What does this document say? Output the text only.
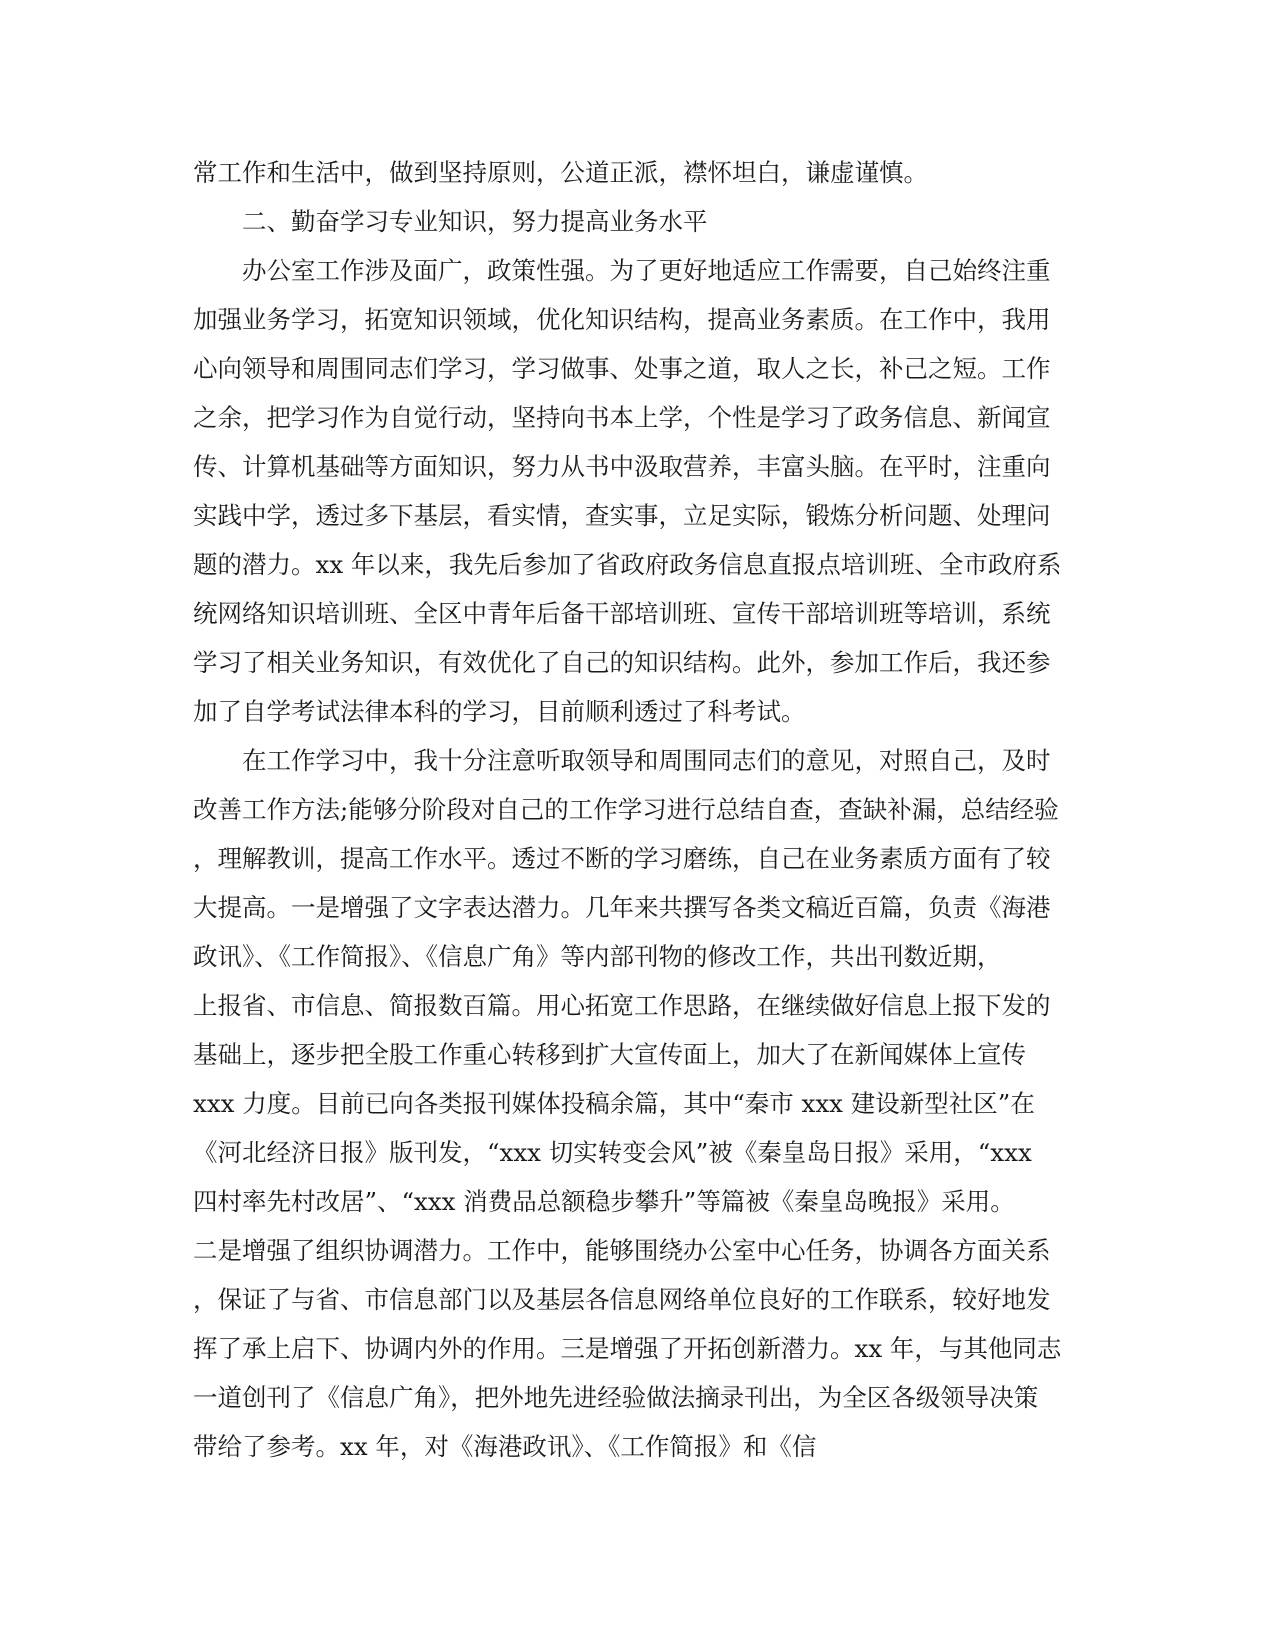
常工作和生活中，做到坚持原则，公道正派，襟怀坦白，谦虚谨慎。
　　二、勤奋学习专业知识，努力提高业务水平
　　办公室工作涉及面广，政策性强。为了更好地适应工作需要，自己始终注重
加强业务学习，拓宽知识领域，优化知识结构，提高业务素质。在工作中，我用
心向领导和周围同志们学习，学习做事、处事之道，取人之长，补己之短。工作
之余，把学习作为自觉行动，坚持向书本上学，个性是学习了政务信息、新闻宣
传、计算机基础等方面知识，努力从书中汲取营养，丰富头脑。在平时，注重向
实践中学，透过多下基层，看实情，查实事，立足实际，锻炼分析问题、处理问
题的潜力。xx 年以来，我先后参加了省政府政务信息直报点培训班、全市政府系
统网络知识培训班、全区中青年后备干部培训班、宣传干部培训班等培训，系统
学习了相关业务知识，有效优化了自己的知识结构。此外，参加工作后，我还参
加了自学考试法律本科的学习，目前顺利透过了科考试。
　　在工作学习中，我十分注意听取领导和周围同志们的意见，对照自己，及时
改善工作方法;能够分阶段对自己的工作学习进行总结自查，查缺补漏，总结经验
，理解教训，提高工作水平。透过不断的学习磨练，自己在业务素质方面有了较
大提高。一是增强了文字表达潜力。几年来共撰写各类文稿近百篇，负责《海港
政讯》、《工作简报》、《信息广角》等内部刊物的修改工作，共出刊数近期，
上报省、市信息、简报数百篇。用心拓宽工作思路，在继续做好信息上报下发的
基础上，逐步把全股工作重心转移到扩大宣传面上，加大了在新闻媒体上宣传
xxx 力度。目前已向各类报刊媒体投稿余篇，其中“秦市 xxx 建设新型社区”在
《河北经济日报》版刊发，“xxx 切实转变会风”被《秦皇岛日报》采用，“xxx
四村率先村改居”、“xxx 消费品总额稳步攀升”等篇被《秦皇岛晚报》采用。
二是增强了组织协调潜力。工作中，能够围绕办公室中心任务，协调各方面关系
，保证了与省、市信息部门以及基层各信息网络单位良好的工作联系，较好地发
挥了承上启下、协调内外的作用。三是增强了开拓创新潜力。xx 年，与其他同志
一道创刊了《信息广角》，把外地先进经验做法摘录刊出，为全区各级领导决策
带给了参考。xx 年，对《海港政讯》、《工作简报》和《信
